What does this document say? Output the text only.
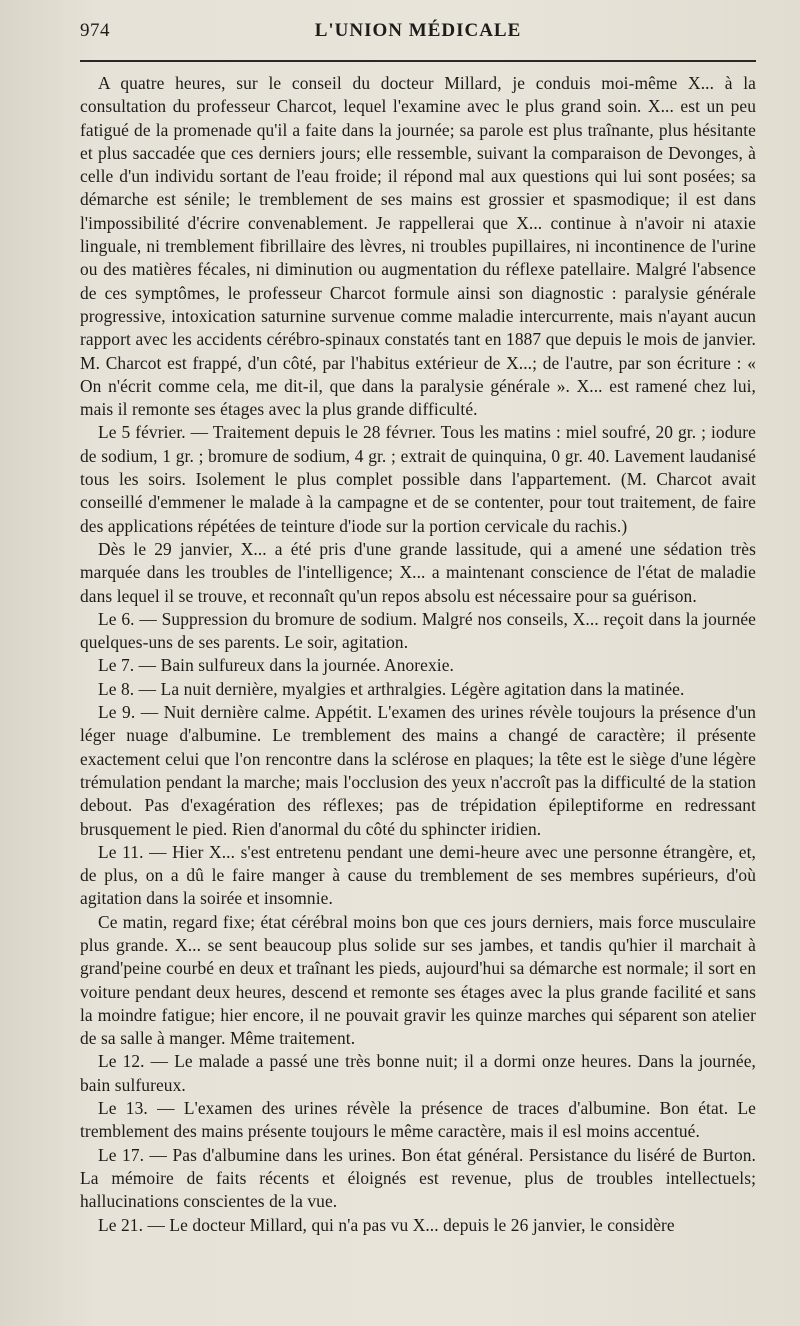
974	L'UNION MÉDICALE

A quatre heures, sur le conseil du docteur Millard, je conduis moi-même X... à la consultation du professeur Charcot, lequel l'examine avec le plus grand soin. X... est un peu fatigué de la promenade qu'il a faite dans la journée; sa parole est plus traînante, plus hésitante et plus saccadée que ces derniers jours; elle ressemble, suivant la comparaison de Devonges, à celle d'un individu sortant de l'eau froide; il répond mal aux questions qui lui sont posées; sa démarche est sénile; le tremblement de ses mains est grossier et spasmodique; il est dans l'impossibilité d'écrire convenablement. Je rappellerai que X... continue à n'avoir ni ataxie linguale, ni tremblement fibrillaire des lèvres, ni troubles pupillaires, ni incontinence de l'urine ou des matières fécales, ni diminution ou augmentation du réflexe patellaire. Malgré l'absence de ces symptômes, le professeur Charcot formule ainsi son diagnostic : paralysie générale progressive, intoxication saturnine survenue comme maladie intercurrente, mais n'ayant aucun rapport avec les accidents cérébro-spinaux constatés tant en 1887 que depuis le mois de janvier. M. Charcot est frappé, d'un côté, par l'habitus extérieur de X...; de l'autre, par son écriture : « On n'écrit comme cela, me dit-il, que dans la paralysie générale ». X... est ramené chez lui, mais il remonte ses étages avec la plus grande difficulté.

Le 5 février. — Traitement depuis le 28 févrıer. Tous les matins : miel soufré, 20 gr. ; iodure de sodium, 1 gr. ; bromure de sodium, 4 gr. ; extrait de quinquina, 0 gr. 40. Lavement laudanisé tous les soirs. Isolement le plus complet possible dans l'appartement. (M. Charcot avait conseillé d'emmener le malade à la campagne et de se contenter, pour tout traitement, de faire des applications répétées de teinture d'iode sur la portion cervicale du rachis.)

Dès le 29 janvier, X... a été pris d'une grande lassitude, qui a amené une sédation très marquée dans les troubles de l'intelligence; X... a maintenant conscience de l'état de maladie dans lequel il se trouve, et reconnaît qu'un repos absolu est nécessaire pour sa guérison.

Le 6. — Suppression du bromure de sodium. Malgré nos conseils, X... reçoit dans la journée quelques-uns de ses parents. Le soir, agitation.

Le 7. — Bain sulfureux dans la journée. Anorexie.

Le 8. — La nuit dernière, myalgies et arthralgies. Légère agitation dans la matinée.

Le 9. — Nuit dernière calme. Appétit. L'examen des urines révèle toujours la présence d'un léger nuage d'albumine. Le tremblement des mains a changé de caractère; il présente exactement celui que l'on rencontre dans la sclérose en plaques; la tête est le siège d'une légère trémulation pendant la marche; mais l'occlusion des yeux n'accroît pas la difficulté de la station debout. Pas d'exagération des réflexes; pas de trépidation épileptiforme en redressant brusquement le pied. Rien d'anormal du côté du sphincter iridien.

Le 11. — Hier X... s'est entretenu pendant une demi-heure avec une personne étrangère, et, de plus, on a dû le faire manger à cause du tremblement de ses membres supérieurs, d'où agitation dans la soirée et insomnie.

Ce matin, regard fixe; état cérébral moins bon que ces jours derniers, mais force musculaire plus grande. X... se sent beaucoup plus solide sur ses jambes, et tandis qu'hier il marchait à grand'peine courbé en deux et traînant les pieds, aujourd'hui sa démarche est normale; il sort en voiture pendant deux heures, descend et remonte ses étages avec la plus grande facilité et sans la moindre fatigue; hier encore, il ne pouvait gravir les quinze marches qui séparent son atelier de sa salle à manger. Même traitement.

Le 12. — Le malade a passé une très bonne nuit; il a dormi onze heures. Dans la journée, bain sulfureux.

Le 13. — L'examen des urines révèle la présence de traces d'albumine. Bon état. Le tremblement des mains présente toujours le même caractère, mais il esl moins accentué.

Le 17. — Pas d'albumine dans les urines. Bon état général. Persistance du liséré de Burton. La mémoire de faits récents et éloignés est revenue, plus de troubles intellectuels; hallucinations conscientes de la vue.

Le 21. — Le docteur Millard, qui n'a pas vu X... depuis le 26 janvier, le considère
